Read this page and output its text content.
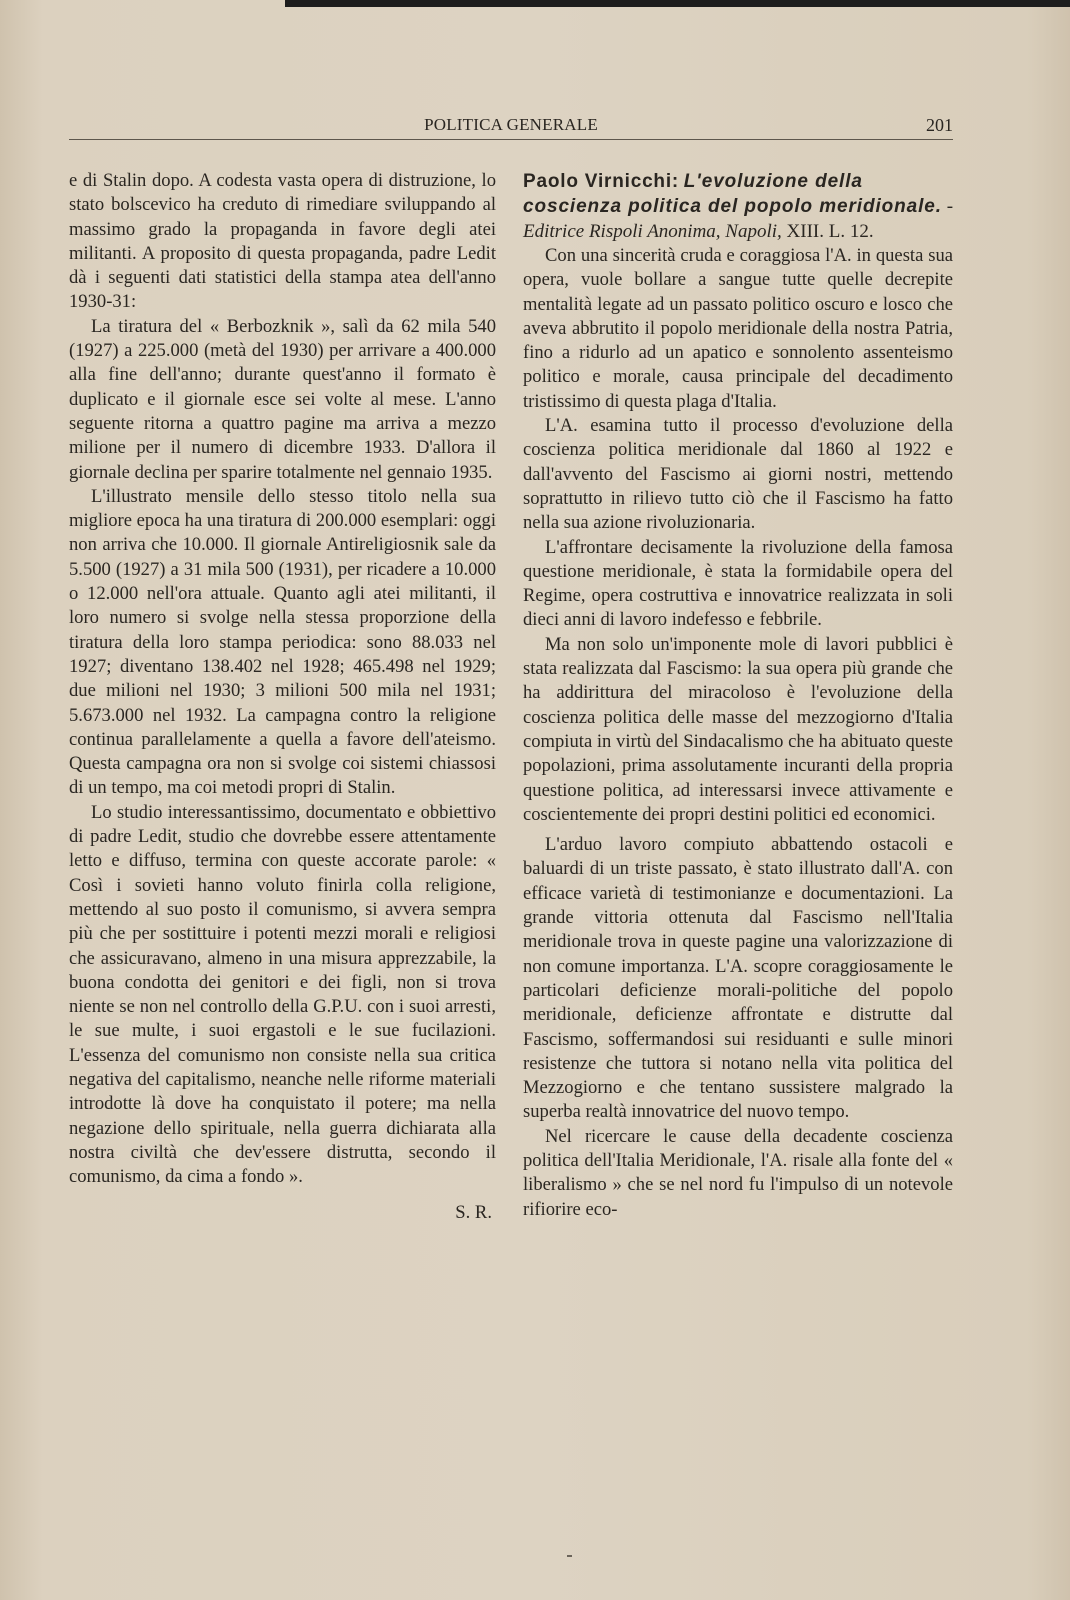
POLITICA GENERALE	201

e di Stalin dopo. A codesta vasta opera di distruzione, lo stato bolscevico ha creduto di rimediare sviluppando al massimo grado la propaganda in favore degli atei militanti. A proposito di questa propaganda, padre Ledit dà i seguenti dati statistici della stampa atea dell'anno 1930-31:

La tiratura del « Berbozknik », salì da 62 mila 540 (1927) a 225.000 (metà del 1930) per arrivare a 400.000 alla fine dell'anno; durante quest'anno il formato è duplicato e il giornale esce sei volte al mese. L'anno seguente ritorna a quattro pagine ma arriva a mezzo milione per il numero di dicembre 1933. D'allora il giornale declina per sparire totalmente nel gennaio 1935.

L'illustrato mensile dello stesso titolo nella sua migliore epoca ha una tiratura di 200.000 esemplari: oggi non arriva che 10.000. Il giornale Antireligiosnik sale da 5.500 (1927) a 31 mila 500 (1931), per ricadere a 10.000 o 12.000 nell'ora attuale. Quanto agli atei militanti, il loro numero si svolge nella stessa proporzione della tiratura della loro stampa periodica: sono 88.033 nel 1927; diventano 138.402 nel 1928; 465.498 nel 1929; due milioni nel 1930; 3 milioni 500 mila nel 1931; 5.673.000 nel 1932. La campagna contro la religione continua parallelamente a quella a favore dell'ateismo. Questa campagna ora non si svolge coi sistemi chiassosi di un tempo, ma coi metodi propri di Stalin.

Lo studio interessantissimo, documentato e obbiettivo di padre Ledit, studio che dovrebbe essere attentamente letto e diffuso, termina con queste accorate parole: « Così i sovieti hanno voluto finirla colla religione, mettendo al suo posto il comunismo, si avvera sempra più che per sostittuire i potenti mezzi morali e religiosi che assicuravano, almeno in una misura apprezzabile, la buona condotta dei genitori e dei figli, non si trova niente se non nel controllo della G.P.U. con i suoi arresti, le sue multe, i suoi ergastoli e le sue fucilazioni. L'essenza del comunismo non consiste nella sua critica negativa del capitalismo, neanche nelle riforme materiali introdotte là dove ha conquistato il potere; ma nella negazione dello spirituale, nella guerra dichiarata alla nostra civiltà che dev'essere distrutta, secondo il comunismo, da cima a fondo ».

S. R.

Paolo Virnicchi: L'evoluzione della coscienza politica del popolo meridionale. - Editrice Rispoli Anonima, Napoli, XIII. L. 12.

Con una sincerità cruda e coraggiosa l'A. in questa sua opera, vuole bollare a sangue tutte quelle decrepite mentalità legate ad un passato politico oscuro e losco che aveva abbrutito il popolo meridionale della nostra Patria, fino a ridurlo ad un apatico e sonnolento assenteismo politico e morale, causa principale del decadimento tristissimo di questa plaga d'Italia.

L'A. esamina tutto il processo d'evoluzione della coscienza politica meridionale dal 1860 al 1922 e dall'avvento del Fascismo ai giorni nostri, mettendo soprattutto in rilievo tutto ciò che il Fascismo ha fatto nella sua azione rivoluzionaria.

L'affrontare decisamente la rivoluzione della famosa questione meridionale, è stata la formidabile opera del Regime, opera costruttiva e innovatrice realizzata in soli dieci anni di lavoro indefesso e febbrile.

Ma non solo un'imponente mole di lavori pubblici è stata realizzata dal Fascismo: la sua opera più grande che ha addirittura del miracoloso è l'evoluzione della coscienza politica delle masse del mezzogiorno d'Italia compiuta in virtù del Sindacalismo che ha abituato queste popolazioni, prima assolutamente incuranti della propria questione politica, ad interessarsi invece attivamente e coscientemente dei propri destini politici ed economici.

L'arduo lavoro compiuto abbattendo ostacoli e baluardi di un triste passato, è stato illustrato dall'A. con efficace varietà di testimonianze e documentazioni. La grande vittoria ottenuta dal Fascismo nell'Italia meridionale trova in queste pagine una valorizzazione di non comune importanza. L'A. scopre coraggiosamente le particolari deficienze morali-politiche del popolo meridionale, deficienze affrontate e distrutte dal Fascismo, soffermandosi sui residuanti e sulle minori resistenze che tuttora si notano nella vita politica del Mezzogiorno e che tentano sussistere malgrado la superba realtà innovatrice del nuovo tempo.

Nel ricercare le cause della decadente coscienza politica dell'Italia Meridionale, l'A. risale alla fonte del « liberalismo » che se nel nord fu l'impulso di un notevole rifiorire eco-
